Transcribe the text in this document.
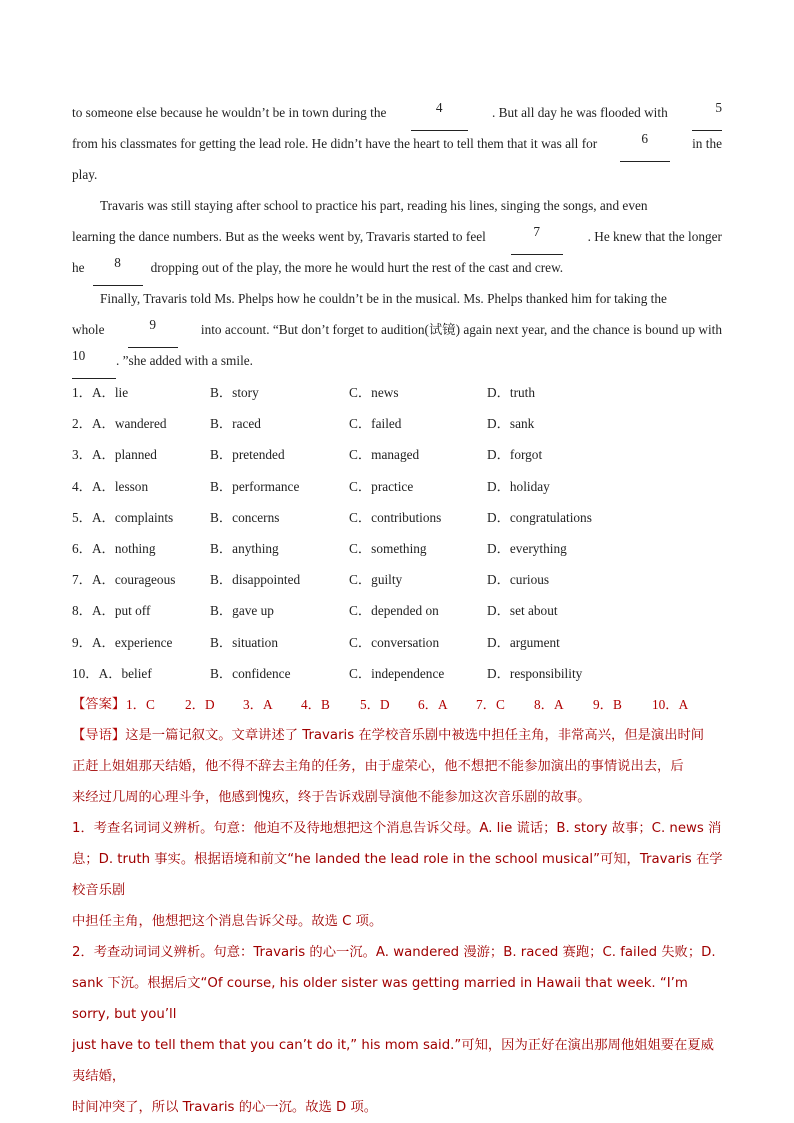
to someone else because he wouldn’t be in town during the	4	. But all day he was flooded with	5
from his classmates for getting the lead role. He didn’t have the heart to tell them that it was all for	6	in the
play.
Travaris was still staying after school to practice his part, reading his lines, singing the songs, and even
learning the dance numbers. But as the weeks went by, Travaris started to feel	7	. He knew that the longer
he	8	dropping out of the play, the more he would hurt the rest of the cast and crew.
Finally, Travaris told Ms. Phelps how he couldn’t be in the musical. Ms. Phelps thanked him for taking the
whole	9	into account. “But don’t forget to audition(试镜) again next year, and the chance is bound up with
10	. ”she added with a smile.
1．A．lie	B．story	C．news	D．truth
2．A．wandered	B．raced	C．failed	D．sank
3．A．planned	B．pretended	C．managed	D．forgot
4．A．lesson	B．performance	C．practice	D．holiday
5．A．complaints	B．concerns	C．contributions	D．congratulations
6．A．nothing	B．anything	C．something	D．everything
7．A．courageous	B．disappointed	C．guilty	D．curious
8．A．put off	B．gave up	C．depended on	D．set about
9．A．experience	B．situation	C．conversation	D．argument
10．A．belief	B．confidence	C．independence	D．responsibility
【答案】 1．C 2．D 3．A 4．B 5．D 6．A 7．C 8．A 9．B 10．A

【导语】这是一篇记叙文。文章讲述了 Travaris 在学校音乐剧中被选中担任主角，非常高兴，但是演出时间

正赶上姐姐那天结婚，他不得不辞去主角的任务，由于虚荣心，他不想把不能参加演出的事情说出去，后

来经过几周的心理斗争，他感到愧疚，终于告诉戏剧导演他不能参加这次音乐剧的故事。

1．考查名词词义辨析。句意：他迫不及待地想把这个消息告诉父母。A. lie 谎话；B. story 故事；C. news 消

息；D. truth 事实。根据语境和前文“he landed the lead role in the school musical”可知，Travaris 在学校音乐剧

中担任主角，他想把这个消息告诉父母。故选 C 项。

2．考查动词词义辨析。句意：Travaris 的心一沉。A. wandered 漫游；B. raced 赛跑；C. failed 失败；D.

sank 下沉。根据后文“Of course, his older sister was getting married in Hawaii that week. “I’m sorry, but you’ll

just have to tell them that you can’t do it,” his mom said.”可知，因为正好在演出那周他姐姐要在夏威夷结婚，

时间冲突了，所以 Travaris 的心一沉。故选 D 项。
